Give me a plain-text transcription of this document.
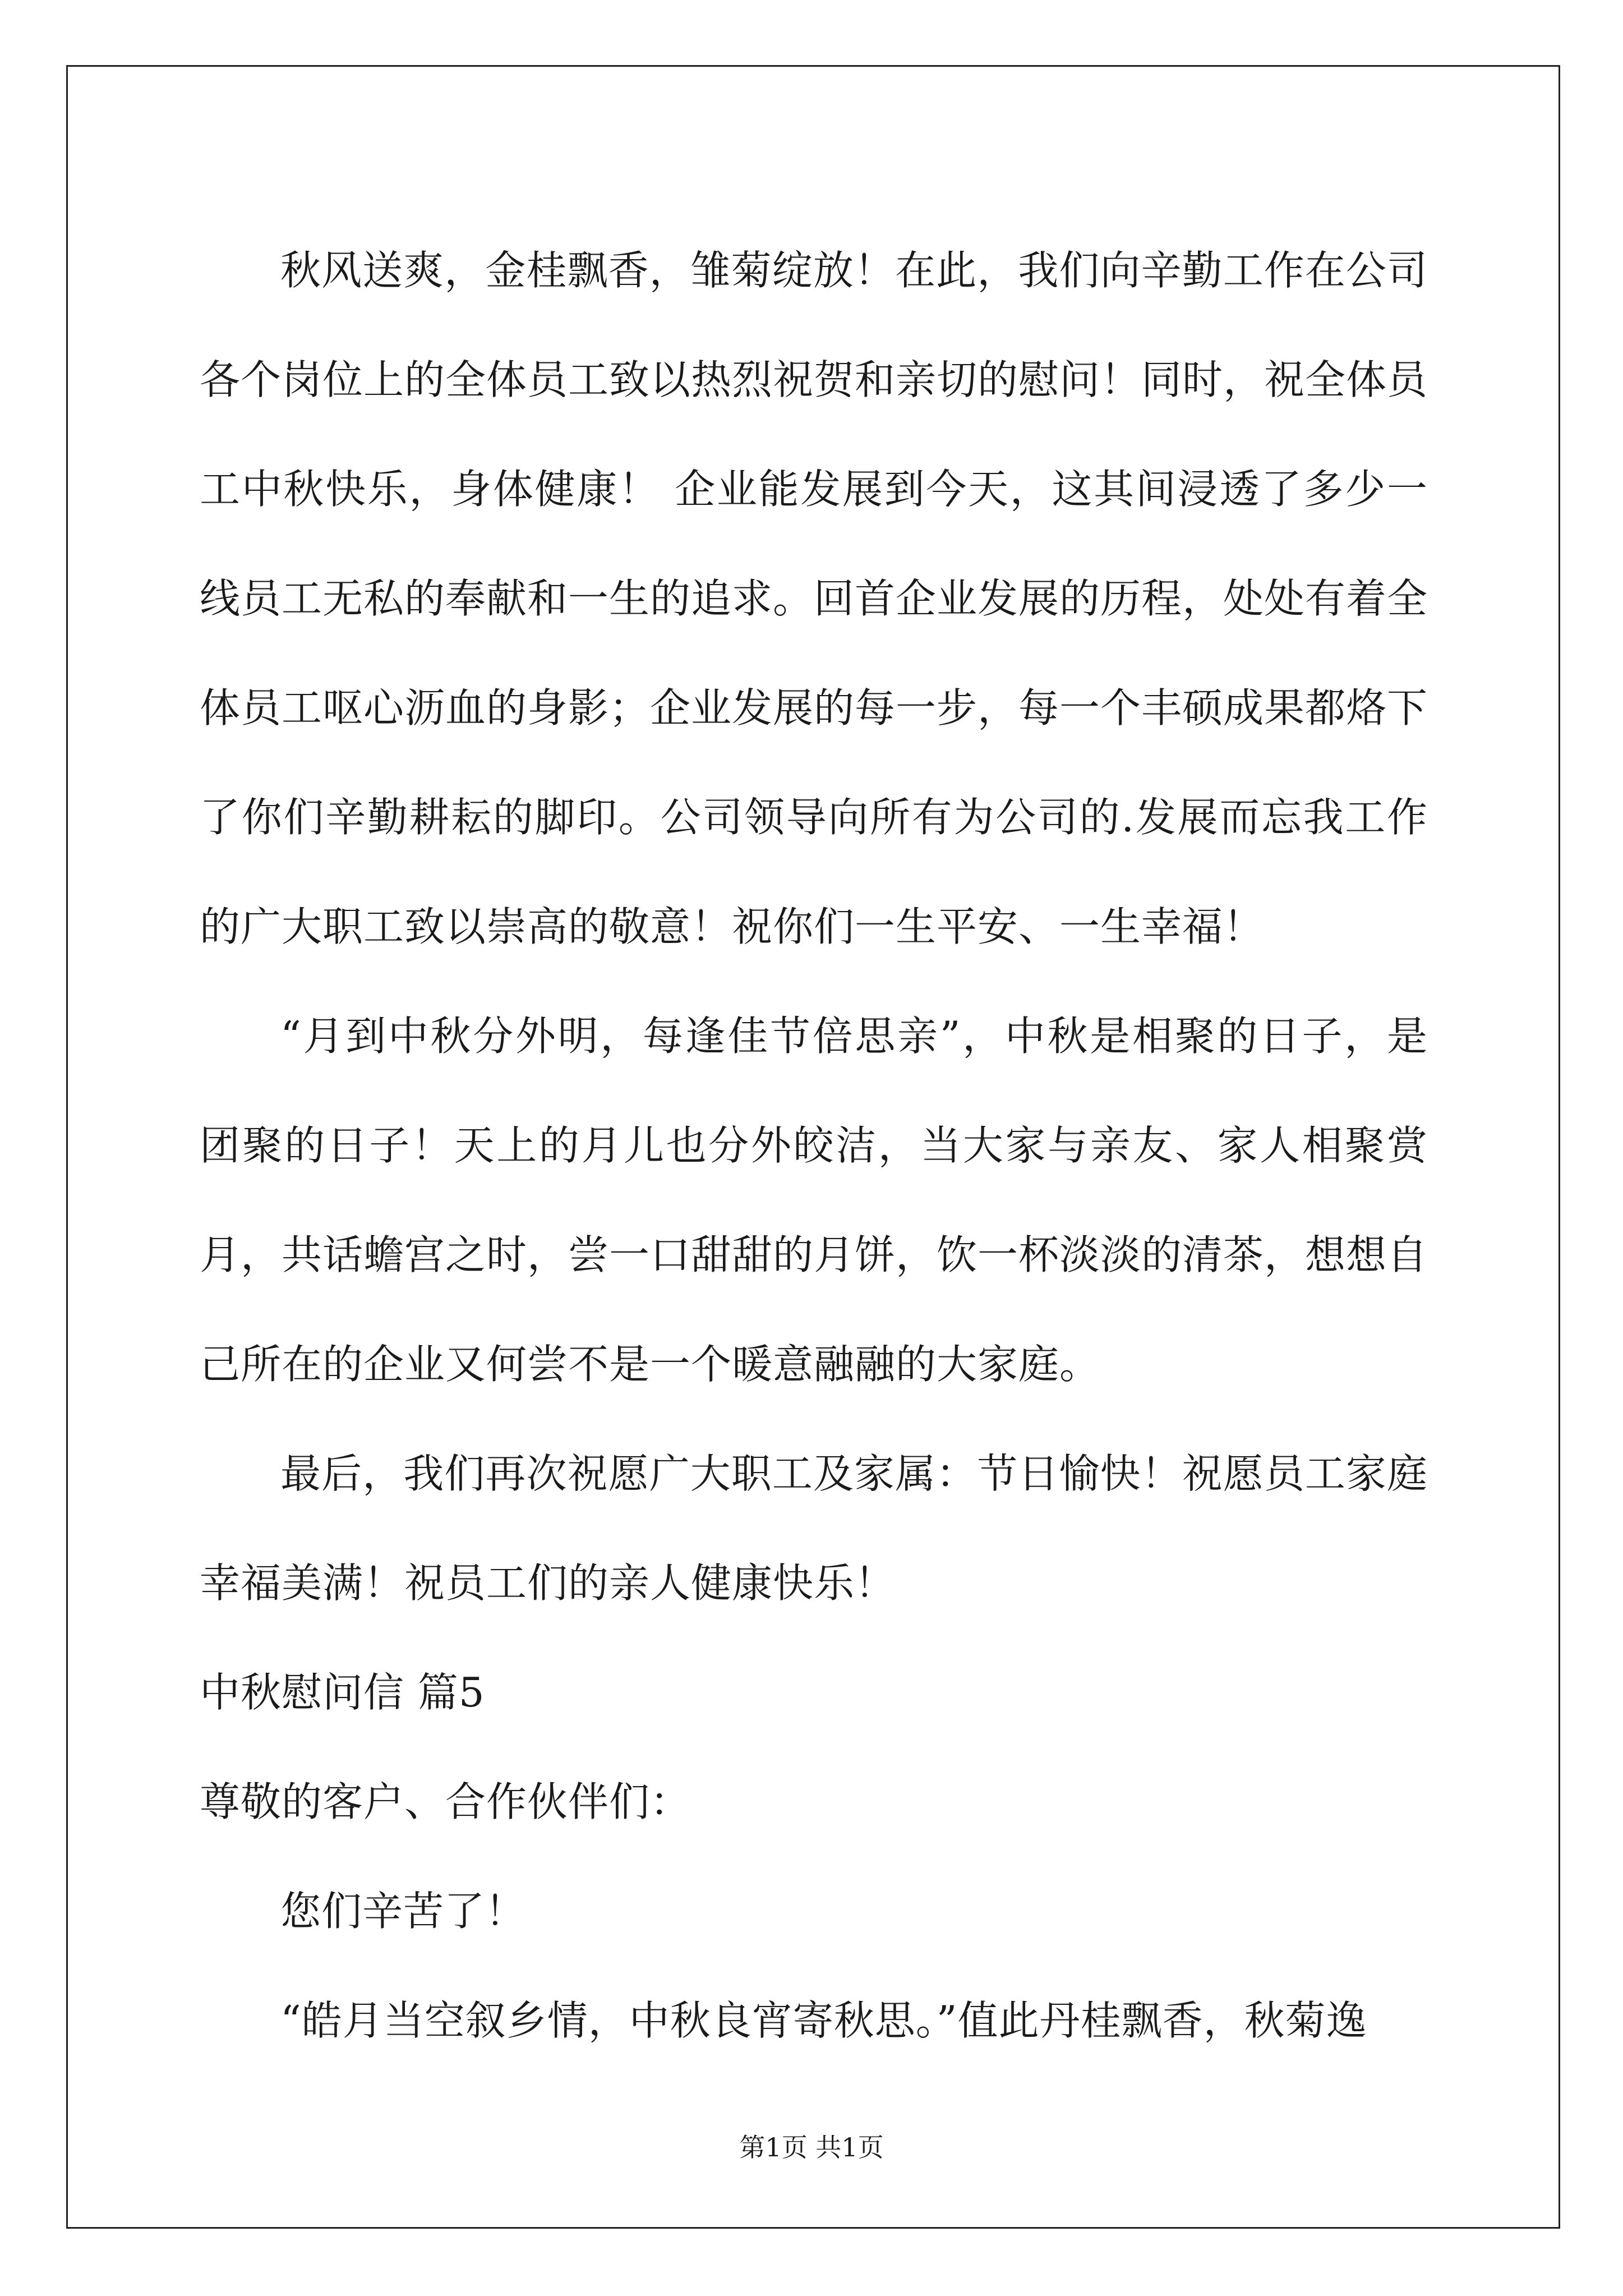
秋风送爽，金桂飘香，雏菊绽放！在此，我们向辛勤工作在公司各个岗位上的全体员工致以热烈祝贺和亲切的慰问！同时，祝全体员工中秋快乐，身体健康！ 企业能发展到今天，这其间浸透了多少一线员工无私的奉献和一生的追求。回首企业发展的历程，处处有着全体员工呕心沥血的身影；企业发展的每一步，每一个丰硕成果都烙下了你们辛勤耕耘的脚印。公司领导向所有为公司的.发展而忘我工作的广大职工致以崇高的敬意！祝你们一生平安、一生幸福！

“月到中秋分外明，每逢佳节倍思亲”，中秋是相聚的日子，是团聚的日子！天上的月儿也分外皎洁，当大家与亲友、家人相聚赏月，共话蟾宫之时，尝一口甜甜的月饼，饮一杯淡淡的清茶，想想自己所在的企业又何尝不是一个暖意融融的大家庭。

最后，我们再次祝愿广大职工及家属：节日愉快！祝愿员工家庭幸福美满！祝员工们的亲人健康快乐！

中秋慰问信 篇5

尊敬的客户、合作伙伴们：

您们辛苦了！

“皓月当空叙乡情，中秋良宵寄秋思。”值此丹桂飘香，秋菊逸

第1页 共1页
